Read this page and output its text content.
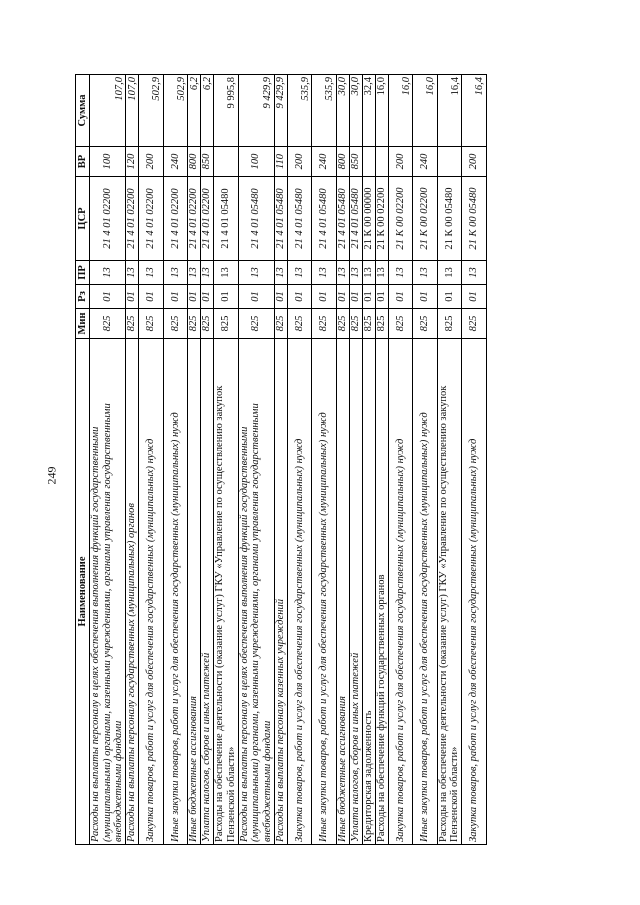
249
Наименование	Мин	Рз	ПР	ЦСР	ВР	Сумма
Расходы на выплаты персоналу в целях обеспечения выполнения функций государственными (муниципальными) органами, казенными учреждениями, органами управления государственными внебюджетными фондами	825	01	13	21 4 01 02200	100	107,0
Расходы на выплаты персоналу государственных (муниципальных) органов	825	01	13	21 4 01 02200	120	107,0
Закупка товаров, работ и услуг для обеспечения государственных (муниципальных) нужд	825	01	13	21 4 01 02200	200	502,9
Иные закупки товаров, работ и услуг для обеспечения государственных (муниципальных) нужд	825	01	13	21 4 01 02200	240	502,9
Иные бюджетные ассигнования	825	01	13	21 4 01 02200	800	6,2
Уплата налогов, сборов и иных платежей	825	01	13	21 4 01 02200	850	6,2
Расходы на обеспечение деятельности (оказание услуг) ГКУ «Управление по осуществлению закупок Пензенской области»	825	01	13	21 4 01 05480		9 995,8
Расходы на выплаты персоналу в целях обеспечения выполнения функций государственными (муниципальными) органами, казенными учреждениями, органами управления государственными внебюджетными фондами	825	01	13	21 4 01 05480	100	9 429,9
Расходы на выплаты персоналу казенных учреждений	825	01	13	21 4 01 05480	110	9 429,9
Закупка товаров, работ и услуг для обеспечения государственных (муниципальных) нужд	825	01	13	21 4 01 05480	200	535,9
Иные закупки товаров, работ и услуг для обеспечения государственных (муниципальных) нужд	825	01	13	21 4 01 05480	240	535,9
Иные бюджетные ассигнования	825	01	13	21 4 01 05480	800	30,0
Уплата налогов, сборов и иных платежей	825	01	13	21 4 01 05480	850	30,0
Кредиторская задолженность	825	01	13	21 К 00 00000		32,4
Расходы на обеспечение функций государственных органов	825	01	13	21 К 00 02200		16,0
Закупка товаров, работ и услуг для обеспечения государственных (муниципальных) нужд	825	01	13	21 К 00 02200	200	16,0
Иные закупки товаров, работ и услуг для обеспечения государственных (муниципальных) нужд	825	01	13	21 К 00 02200	240	16,0
Расходы на обеспечение деятельности (оказание услуг) ГКУ «Управление по осуществлению закупок Пензенской области»	825	01	13	21 К 00 05480		16,4
Закупка товаров, работ и услуг для обеспечения государственных (муниципальных) нужд	825	01	13	21 К 00 05480	200	16,4
